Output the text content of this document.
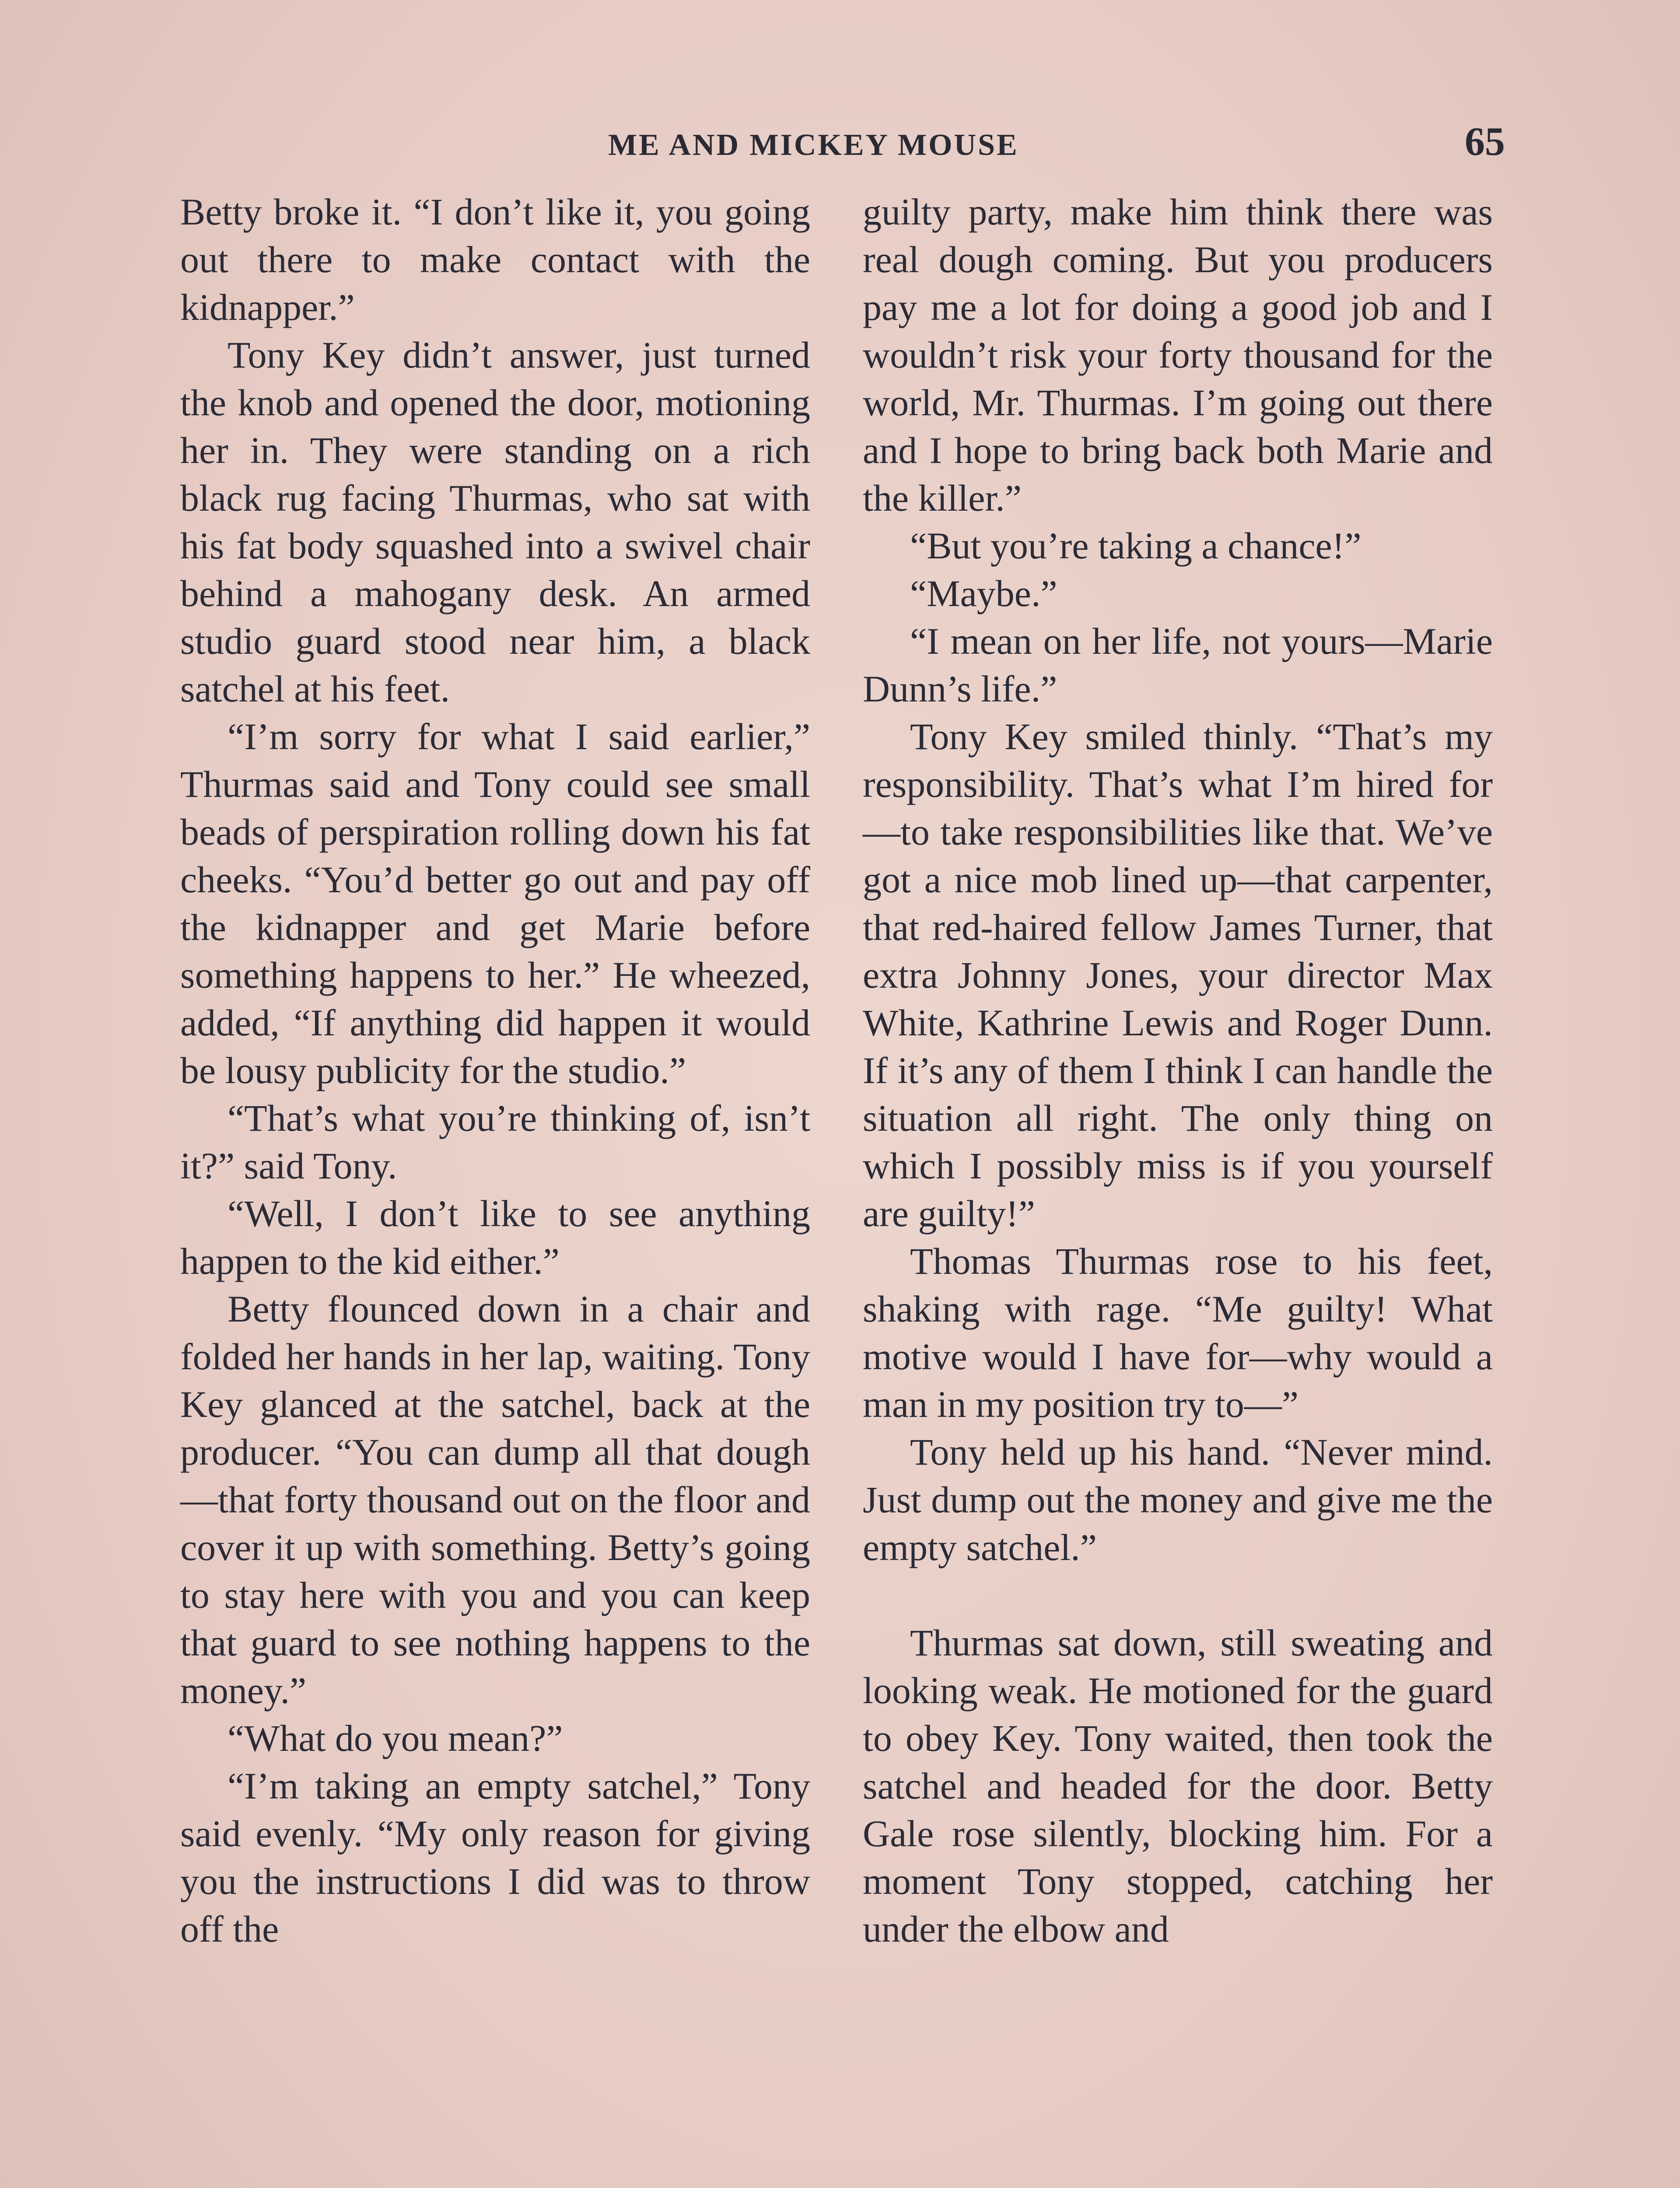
ME AND MICKEY MOUSE	65

Betty broke it. “I don’t like it, you going out there to make contact with the kidnapper.”

Tony Key didn’t answer, just turned the knob and opened the door, motioning her in. They were standing on a rich black rug facing Thurmas, who sat with his fat body squashed into a swivel chair behind a mahogany desk. An armed studio guard stood near him, a black satchel at his feet.

“I’m sorry for what I said earlier,” Thurmas said and Tony could see small beads of perspiration rolling down his fat cheeks. “You’d better go out and pay off the kidnapper and get Marie before something happens to her.” He wheezed, added, “If anything did happen it would be lousy publicity for the studio.”

“That’s what you’re thinking of, isn’t it?” said Tony.

“Well, I don’t like to see anything happen to the kid either.”

Betty flounced down in a chair and folded her hands in her lap, waiting. Tony Key glanced at the satchel, back at the producer. “You can dump all that dough—that forty thousand out on the floor and cover it up with something. Betty’s going to stay here with you and you can keep that guard to see nothing happens to the money.”

“What do you mean?”

“I’m taking an empty satchel,” Tony said evenly. “My only reason for giving you the instructions I did was to throw off the

guilty party, make him think there was real dough coming. But you producers pay me a lot for doing a good job and I wouldn’t risk your forty thousand for the world, Mr. Thurmas. I’m going out there and I hope to bring back both Marie and the killer.”

“But you’re taking a chance!”

“Maybe.”

“I mean on her life, not yours—Marie Dunn’s life.”

Tony Key smiled thinly. “That’s my responsibility. That’s what I’m hired for—to take responsibilities like that. We’ve got a nice mob lined up—that carpenter, that red-haired fellow James Turner, that extra Johnny Jones, your director Max White, Kathrine Lewis and Roger Dunn. If it’s any of them I think I can handle the situation all right. The only thing on which I possibly miss is if you yourself are guilty!”

Thomas Thurmas rose to his feet, shaking with rage. “Me guilty! What motive would I have for—why would a man in my position try to—”

Tony held up his hand. “Never mind. Just dump out the money and give me the empty satchel.”

Thurmas sat down, still sweating and looking weak. He motioned for the guard to obey Key. Tony waited, then took the satchel and headed for the door. Betty Gale rose silently, blocking him. For a moment Tony stopped, catching her under the elbow and
